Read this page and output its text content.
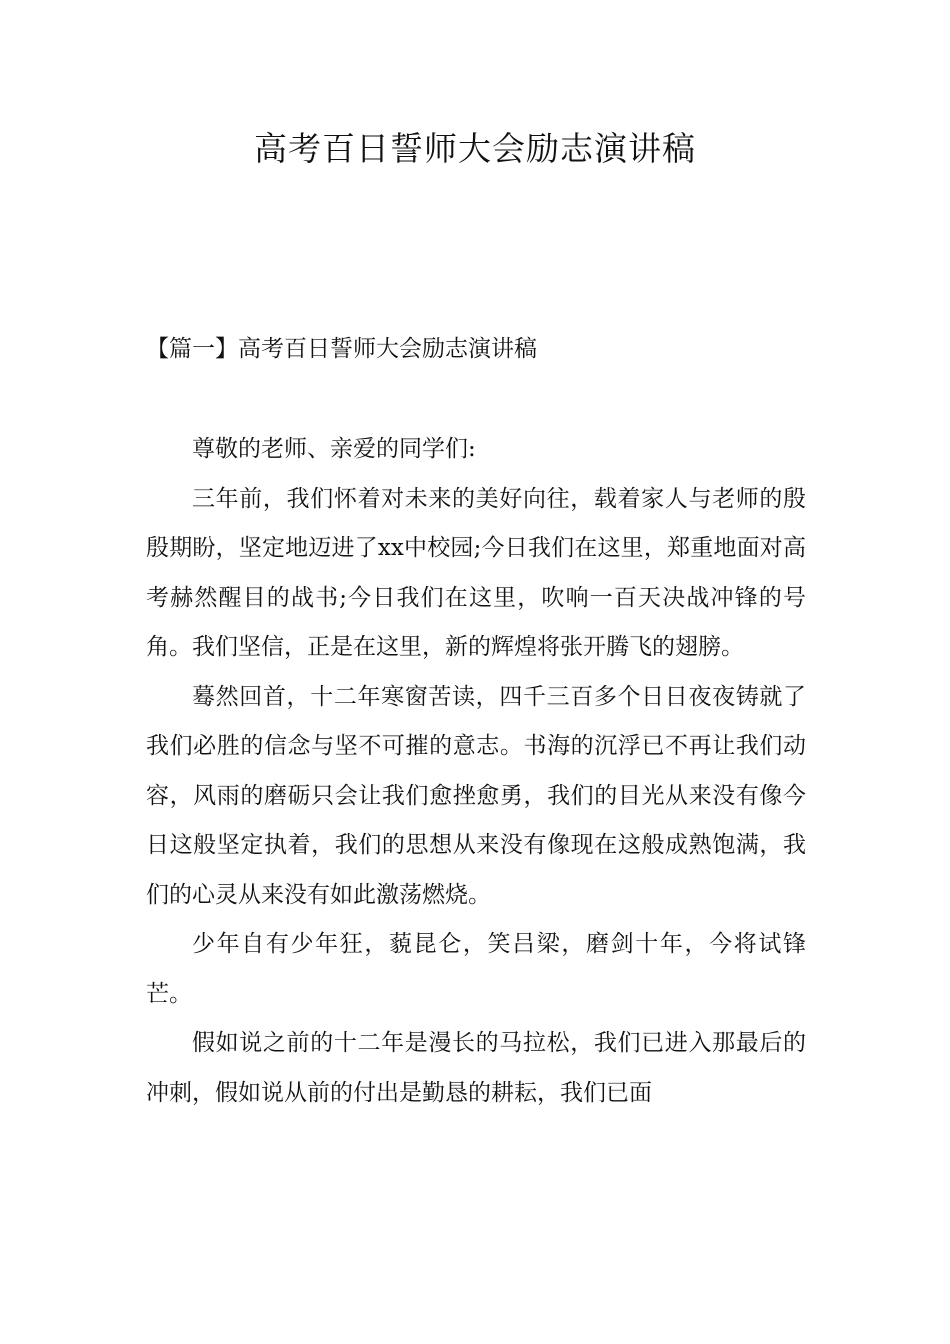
高考百日誓师大会励志演讲稿
【篇一】高考百日誓师大会励志演讲稿

尊敬的老师、亲爱的同学们:

三年前，我们怀着对未来的美好向往，载着家人与老师的殷殷期盼，坚定地迈进了xx中校园;今日我们在这里，郑重地面对高考赫然醒目的战书;今日我们在这里，吹响一百天决战冲锋的号角。我们坚信，正是在这里，新的辉煌将张开腾飞的翅膀。

蓦然回首，十二年寒窗苦读，四千三百多个日日夜夜铸就了我们必胜的信念与坚不可摧的意志。书海的沉浮已不再让我们动容，风雨的磨砺只会让我们愈挫愈勇，我们的目光从来没有像今日这般坚定执着，我们的思想从来没有像现在这般成熟饱满，我们的心灵从来没有如此激荡燃烧。

少年自有少年狂，藐昆仑，笑吕梁，磨剑十年，今将试锋芒。

假如说之前的十二年是漫长的马拉松，我们已进入那最后的冲刺，假如说从前的付出是勤恳的耕耘，我们已面
